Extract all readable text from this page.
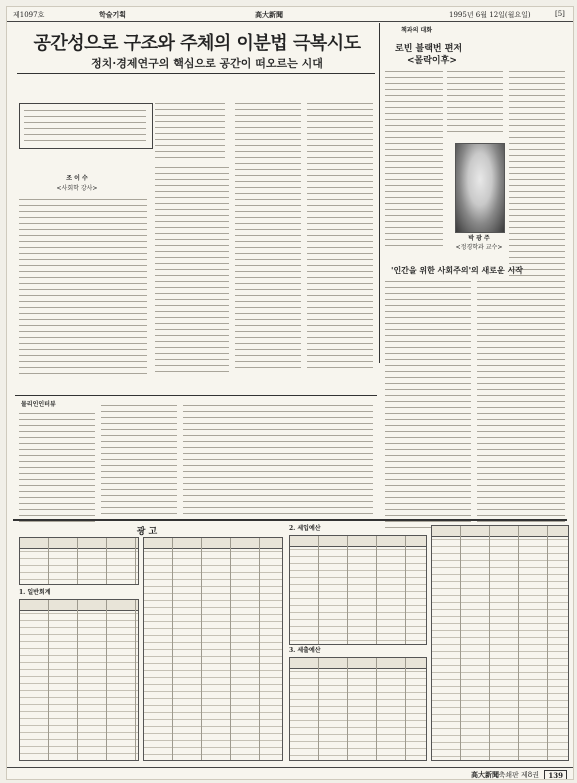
제1097호	학술기획	高大新聞	1995년 6월 12일(월요일)	[5]
공간성으로 구조와 주체의 이분법 극복시도
정치·경제연구의 핵심으로 공간이 떠오르는 시대
조 이 수
<사회학 강사>
책과의 대화
로빈 블랙번 편저
<몰락이후>
박 광 주
<정경학과 교수>
'인간을 위한 사회주의'의 새로운 시작
물리인인터뷰
광 고
1. 일반회계
2. 세입예산
3. 세출예산
高大新聞 축쇄판 제8권	139
